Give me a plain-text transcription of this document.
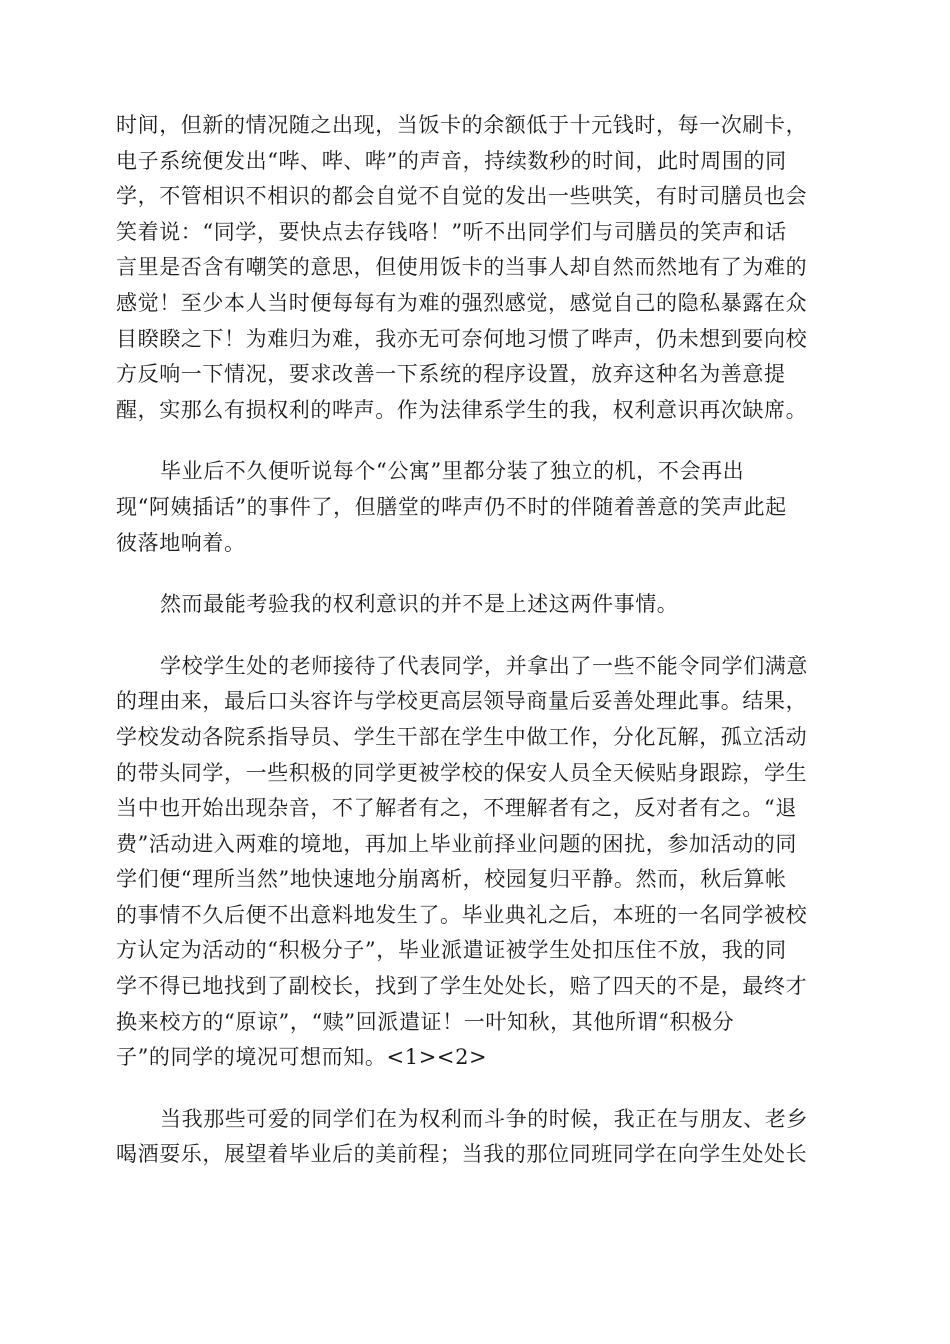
时间，但新的情况随之出现，当饭卡的余额低于十元钱时，每一次刷卡，
电子系统便发出“哔、哔、哔”的声音，持续数秒的时间，此时周围的同
学，不管相识不相识的都会自觉不自觉的发出一些哄笑，有时司膳员也会
笑着说：“同学，要快点去存钱咯！”听不出同学们与司膳员的笑声和话
言里是否含有嘲笑的意思，但使用饭卡的当事人却自然而然地有了为难的
感觉！至少本人当时便每每有为难的强烈感觉，感觉自己的隐私暴露在众
目睽睽之下！为难归为难，我亦无可奈何地习惯了哔声，仍未想到要向校
方反响一下情况，要求改善一下系统的程序设置，放弃这种名为善意提
醒，实那么有损权利的哔声。作为法律系学生的我，权利意识再次缺席。

毕业后不久便听说每个“公寓”里都分装了独立的机，不会再出
现“阿姨插话”的事件了，但膳堂的哔声仍不时的伴随着善意的笑声此起
彼落地响着。

然而最能考验我的权利意识的并不是上述这两件事情。

学校学生处的老师接待了代表同学，并拿出了一些不能令同学们满意
的理由来，最后口头容许与学校更高层领导商量后妥善处理此事。结果，
学校发动各院系指导员、学生干部在学生中做工作，分化瓦解，孤立活动
的带头同学，一些积极的同学更被学校的保安人员全天候贴身跟踪，学生
当中也开始出现杂音，不了解者有之，不理解者有之，反对者有之。“退
费”活动进入两难的境地，再加上毕业前择业问题的困扰，参加活动的同
学们便“理所当然”地快速地分崩离析，校园复归平静。然而，秋后算帐
的事情不久后便不出意料地发生了。毕业典礼之后，本班的一名同学被校
方认定为活动的“积极分子”，毕业派遣证被学生处扣压住不放，我的同
学不得已地找到了副校长，找到了学生处处长，赔了四天的不是，最终才
换来校方的“原谅”，“赎”回派遣证！一叶知秋，其他所谓“积极分
子”的同学的境况可想而知。<1><2>

当我那些可爱的同学们在为权利而斗争的时候，我正在与朋友、老乡
喝酒耍乐，展望着毕业后的美前程；当我的那位同班同学在向学生处处长
